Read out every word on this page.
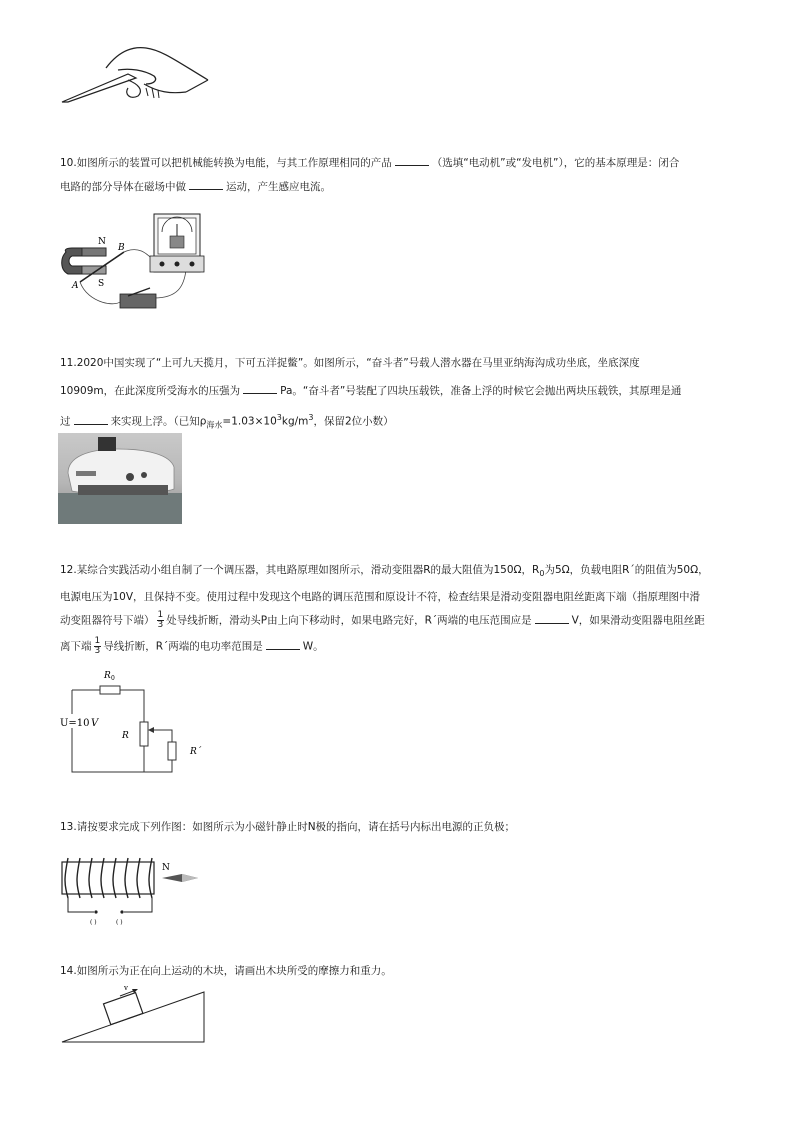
10.如图所示的装置可以把机械能转换为电能，与其工作原理相同的产品	（选填“电动机”或“发电机”），它的基本原理是：闭合
电路的部分导体在磁场中做	运动，产生感应电流。
N
B
S
A
11.2020中国实现了“上可九天揽月，下可五洋捉鳖”。如图所示，“奋斗者”号载人潜水器在马里亚纳海沟成功坐底，坐底深度
10909m，在此深度所受海水的压强为	Pa。“奋斗者”号装配了四块压载铁，准备上浮的时候它会抛出两块压载铁，其原理是通
过	来实现上浮。（已知$\rho_{海水}=1.03\times 10^3kg/m^3$，保留2位小数）
12.某综合实践活动小组自制了一个调压器，其电路原理如图所示，滑动变阻器R的最大阻值为150Ω，$R_0$为5Ω，负载电阻R´的阻值为50Ω，
电源电压为10V，且保持不变。使用过程中发现这个电路的调压范围和原设计不符，检查结果是滑动变阻器电阻丝距离下端（指原理图中滑
动变阻器符号下端） $\frac{1}{3}$ 处导线折断，滑动头P由上向下移动时，如果电路完好，R´两端的电压范围应是	V，如果滑动变阻器电阻丝距
离下端 $\frac{1}{3}$ 导线折断，R´两端的电功率范围是	W。
R 0
R
R´
U=10 V
13.请按要求完成下列作图：如图所示为小磁针静止时N极的指向，请在括号内标出电源的正负极；
( )	( )
N
14.如图所示为正在向上运动的木块，请画出木块所受的摩擦力和重力。
v
